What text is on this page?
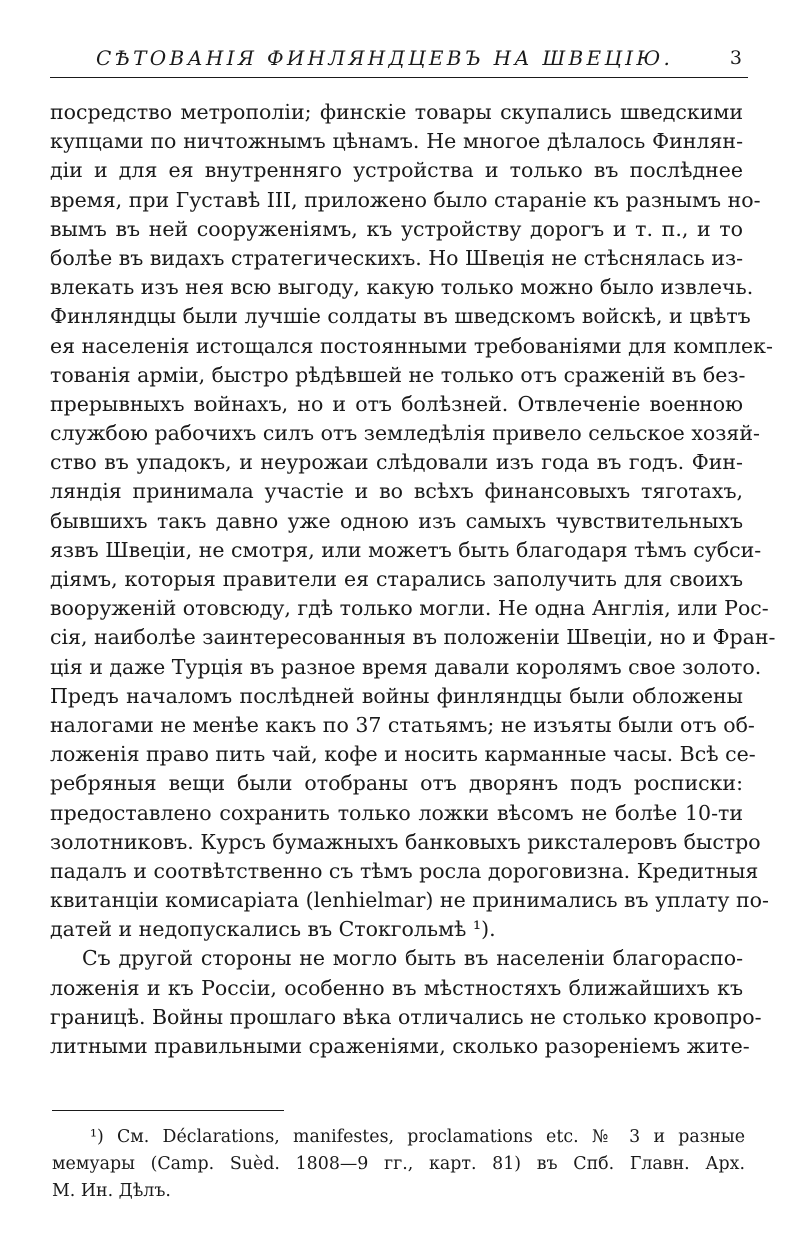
СѢТОВАНІЯ ФИНЛЯНДЦЕВЪ НА ШВЕЦІЮ.	3
посредство метрополіи; финскіе товары скупались шведскими
купцами по ничтожнымъ цѣнамъ. Не многое дѣлалось Финлян-
діи и для ея внутренняго устройства и только въ послѣднее
время, при Густавѣ III, приложено было стараніе къ разнымъ но-
вымъ въ ней сооруженіямъ, къ устройству дорогъ и т. п., и то
болѣе въ видахъ стратегическихъ. Но Швеція не стѣснялась из-
влекать изъ нея всю выгоду, какую только можно было извлечь.
Финляндцы были лучшіе солдаты въ шведскомъ войскѣ, и цвѣтъ
ея населенія истощался постоянными требованіями для комплек-
тованія арміи, быстро рѣдѣвшей не только отъ сраженій въ без-
прерывныхъ войнахъ, но и отъ болѣзней. Отвлеченіе военною
службою рабочихъ силъ отъ земледѣлія привело сельское хозяй-
ство въ упадокъ, и неурожаи слѣдовали изъ года въ годъ. Фин-
ляндія принимала участіе и во всѣхъ финансовыхъ тяготахъ,
бывшихъ такъ давно уже одною изъ самыхъ чувствительныхъ
язвъ Швеціи, не смотря, или можетъ быть благодаря тѣмъ субси-
діямъ, которыя правители ея старались заполучить для своихъ
вооруженій отовсюду, гдѣ только могли. Не одна Англія, или Рос-
сія, наиболѣе заинтересованныя въ положеніи Швеціи, но и Фран-
ція и даже Турція въ разное время давали королямъ свое золото.
Предъ началомъ послѣдней войны финляндцы были обложены
налогами не менѣе какъ по 37 статьямъ; не изъяты были отъ об-
ложенія право пить чай, кофе и носить карманные часы. Всѣ се-
ребряныя вещи были отобраны отъ дворянъ подъ росписки:
предоставлено сохранить только ложки вѣсомъ не болѣе 10-ти
золотниковъ. Курсъ бумажныхъ банковыхъ рикстaлеровъ быстро
падалъ и соотвѣтственно съ тѣмъ росла дороговизна. Кредитныя
квитанціи комисаріата (lenhielmar) не принимались въ уплату по-
датей и недопускались въ Стокгольмѣ ¹).
Съ другой стороны не могло быть въ населеніи благораспо-
ложенія и къ Россіи, особенно въ мѣстностяхъ ближайшихъ къ
границѣ. Войны прошлаго вѣка отличались не столько кровопро-
литными правильными сраженіями, сколько разореніемъ жите-
¹) См. Déclarations, manifestes, proclamations etc. № 3 и разные
мемуары (Camp. Suèd. 1808—9 гг., карт. 81) въ Спб. Главн. Арх.
М. Ин. Дѣлъ.
